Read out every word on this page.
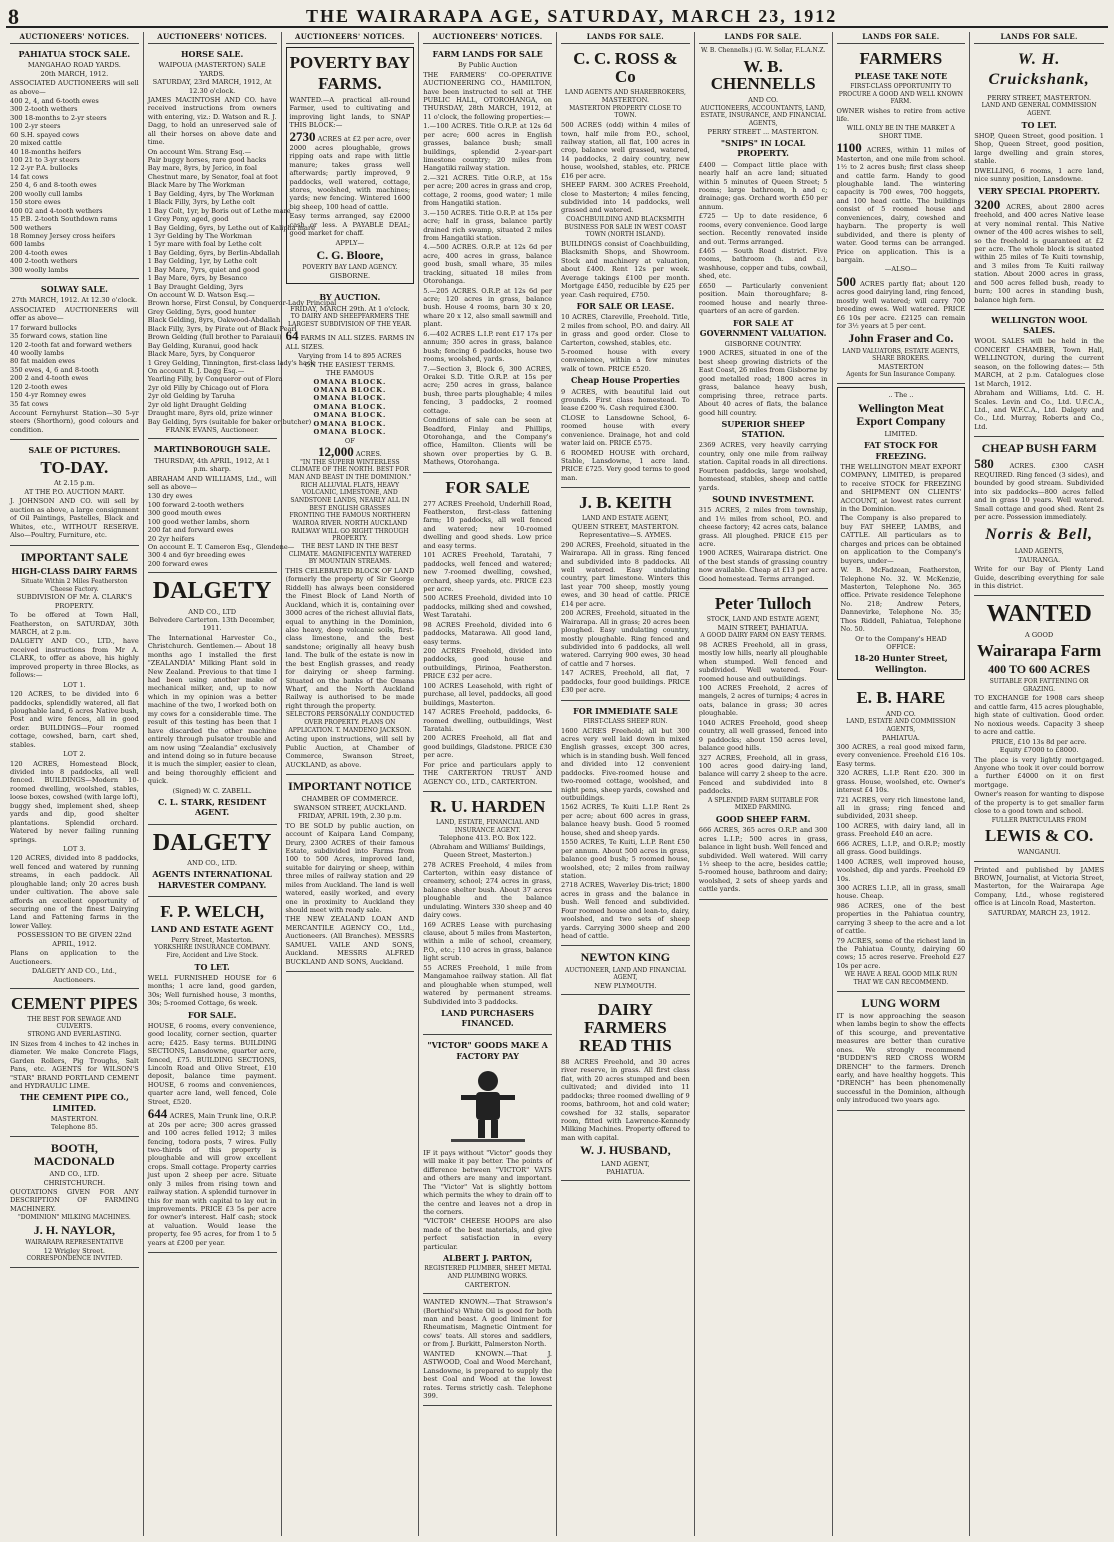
8	THE WAIRARAPA AGE, SATURDAY, MARCH 23, 1912
AUCTIONEERS' NOTICES.
PAHIATUA STOCK SALE.
MANGAHAO ROAD YARDS.
20th MARCH, 1912.

ASSOCIATED AUCTIONEERS will sell as above—

400 2, 4, and 6-tooth ewes
300 2-tooth wethers
300 18-months to 2-yr steers
100 2-yr steers
60 S.H. spayed cows
20 mixed cattle
40 18-months heifers
100 21 to 3-yr steers
12 2-yr P.A. bullocks
14 fat cows
250 4, 6 and 8-tooth ewes
200 woolly cull lambs
150 store ewes
400 02 and 4-tooth wethers
15 P.B. 2-tooth Southdown rams
500 wethers
18 Romney Jersey cross heifers
600 lambs
200 4-tooth ewes
400 2-tooth wethers
300 woolly lambs
SOLWAY SALE.
27th MARCH, 1912. At 12.30 o'clock.

ASSOCIATED AUCTIONEERS will offer as above—

17 forward bullocks
35 forward cows, station line
120 2-tooth fat and forward wethers
40 woolly lambs
80 fat maiden ewes
350 ewes, 4, 6 and 8-tooth
200 2 and 4-tooth ewes
120 2-tooth ewes
150 4-yr Romney ewes
35 fat cows

Account Fernyhurst Station—30 5-yr steers (Shorthorn), good colours and condition.

SALE OF PICTURES.
TO-DAY.
At 2.15 p.m.
AT THE P.O. AUCTION MART.

J. JOHNSON AND CO. will sell by auction as above, a large consignment of Oil Paintings, Pastelles, Black and Whites, etc., WITHOUT RESERVE. Also—Poultry, Furniture, etc.

IMPORTANT SALE
HIGH-CLASS DAIRY FARMS
Situate Within 2 Miles Featherston Cheese Factory.
SUBDIVISION OF Mr. A. CLARK'S PROPERTY.

To be offered at Town Hall, Featherston, on SATURDAY, 30th MARCH, at 2 p.m.

DALGETY AND CO., LTD., have received instructions from Mr A. CLARK, to offer as above, his highly improved property in three Blocks, as follows:—

LOT 1.

120 ACRES, to be divided into 6 paddocks, splendidly watered, all flat ploughable land, 6 acres Native bush, Post and wire fences, all in good order. BUILDINGS—Four roomed cottage, cowshed, barn, cart shed, stables.

LOT 2.

120 ACRES, Homestead Block, divided into 8 paddocks, all well fenced. BUILDINGS—Modern 10-roomed dwelling, woolshed, stables, loose boxes, cowshed (with large loft), buggy shed, implement shed, sheep yards and dip, good shelter plantations. Splendid orchard. Watered by never failing running springs.

LOT 3.

120 ACRES, divided into 8 paddocks, well fenced and watered by running streams, in each paddock. All ploughable land; only 20 acres bush under cultivation. The above sale affords an excellent opportunity of securing one of the finest Dairying Land and Fattening farms in the lower Valley.

POSSESSION TO BE GIVEN 22nd APRIL, 1912.

Plans on application to the Auctioneers.

DALGETY AND CO., Ltd., Auctioneers.
CEMENT PIPES
THE BEST FOR SEWAGE AND CULVERTS.
STRONG AND EVERLASTING.

IN Sizes from 4 inches to 42 inches in diameter. We make Concrete Flags, Garden Rollers, Pig Troughs, Salt Pans, etc. AGENTS for WILSON'S "STAR" BRAND PORTLAND CEMENT and HYDRAULIC LIME.

THE CEMENT PIPE CO., LIMITED.
MASTERTON.
Telephone 85.
BOOTH, MACDONALD
AND CO., LTD.
CHRISTCHURCH.

QUOTATIONS GIVEN FOR ANY DESCRIPTION OF FARMING MACHINERY.

"DOMINION" MILKING MACHINES.
J. H. NAYLOR,
WAIRARAPA REPRESENTATIVE
12 Wrigley Street.
CORRESPONDENCE INVITED.
AUCTIONEERS' NOTICES.
HORSE SALE.
WAIPOUA (MASTERTON) SALE YARDS.
SATURDAY, 23rd MARCH, 1912, At 12.30 o'clock.

JAMES MACINTOSH AND CO. have received instructions from owners with entering, viz.: D. Watson and R. J. Dagg, to hold an unreserved sale of all their horses on above date and time.

On account Wm. Strang Esq.—
Pair buggy horses, rare good hacks
Bay mare, 8yrs, by Jerico, in foal
Chestnut mare, by Senator, foal at foot
Black Mare by The Workman
1 Bay Gelding, 4yrs, by The Workman
1 Black Filly, 3yrs, by Lethe colt
1 Bay Colt, 1yr, by Boris out of Lethe mare
1 Grey Pony, aged, good
1 Bay Gelding, 6yrs, by Lethe out of Kalipha mare
1 3yr Gelding by The Workman
1 5yr mare with foal by Lethe colt
1 Bay Gelding, 6yrs, by Berlin-Abdallah
1 Bay Gelding, 1yr, by Lethe colt
1 Bay Mare, 7yrs, quiet and good
1 Bay Mare, 6yrs, by Besanco
1 Bay Draught Gelding, 3yrs
On account W. D. Watson Esq.—
Brown horse, First Consul, by Conqueror-Lady Principal
Grey Gelding, 5yrs, good hunter
Black Gelding, 8yrs, Oakwood-Abdallah
Black Filly, 3yrs, by Pirate out of Black Pearl
Brown Gelding (full brother to Paraiaui)
Bay Gelding, Kuranui, good hack
Black Mare, 5yrs, by Conqueror
1 Grey Gelding, Tinnington, first-class lady's hack
On account R. J. Dagg Esq.—
Yearling Filly, by Conqueror out of Flora
2yr old Filly by Chicago out of Flora
2yr old Gelding by Taruha
2yr old light Draught Gelding
Draught mare, 8yrs old, prize winner
Bay Gelding, 5yrs (suitable for baker or butcher)
FRANK EVANS, Auctioneer.
MARTINBOROUGH SALE.
THURSDAY, 4th APRIL, 1912, At 1 p.m. sharp.

ABRAHAM AND WILLIAMS, Ltd., will sell as above—

130 dry ewes
100 forward 2-tooth wethers
300 good mouth ewes
100 good wether lambs, shorn
200 fat and forward ewes
20 2yr heifers
On account E. T. Cameron Esq., Glendene—
300 4 and 6yr breeding ewes
200 forward ewes
DALGETY
AND CO., LTD
Belvedere Carterton. 13th December, 1911.

The International Harvester Co., Christchurch. Gentlemen.— About 18 months ago I installed the first "ZEALANDIA" Milking Plant sold in New Zealand. Previous to that time I had been using another make of mechanical milker, and, up to now which in my opinion was a better machine of the two, I worked both on my cows for a considerable time. The result of this testing has been that I have discarded the other machine entirely through pulsator trouble and am now using "Zealandia" exclusively and intend doing so in future because it is much the simpler, easier to clean, and being thoroughly efficient and quick.

(Signed) W. C. ZABELL.
C. L. STARK, RESIDENT AGENT.
DALGETY
AND CO., LTD.
AGENTS INTERNATIONAL HARVESTER COMPANY.
F. P. WELCH,
LAND AND ESTATE AGENT
Perry Street, Masterton.
YORKSHIRE INSURANCE COMPANY. Fire, Accident and Live Stock.
TO LET.

WELL FURNISHED HOUSE for 6 months; 1 acre land, good garden, 30s; Well furnished house, 3 months, 30s; 5-roomed Cottage, 6s week.

FOR SALE.

HOUSE, 6 rooms, every convenience, good locality, corner section, quarter acre; £425. Easy terms. BUILDING SECTIONS, Lansdowne, quarter acre, fenced, £75. BUILDING SECTIONS, Lincoln Road and Olive Street, £10 deposit, balance time payment. HOUSE, 6 rooms and conveniences, quarter acre land, well fenced, Cole Street, £520.

644 ACRES, Main Trunk line, O.R.P. at 20s per acre; 300 acres grassed and 100 acres felled 1912; 3 miles fencing, todora posts, 7 wires. Fully two-thirds of this property is ploughable and will grow excellent crops. Small cottage. Property carries just upon 2 sheep per acre. Situate only 3 miles from rising town and railway station. A splendid turnover in this for man with capital to lay out in improvements. PRICE £3 5s per acre for owner's interest. Half cash; stock at valuation. Would lease the property, fee 95 acres, for from 1 to 5 years at £200 per year.

AUCTIONEERS' NOTICES.
POVERTY BAY
FARMS.

WANTED.—A practical all-round Farmer, used to cultivating and improving light lands, to SNAP THIS BLOCK:—

2730 ACRES at £2 per acre, over 2000 acres ploughable, grows ripping oats and rape with little manure; takes grass well afterwards; partly improved, 9 paddocks, well watered, cottage, stores, woolshed, with machines; yards; new fencing. Wintered 1600 big sheep, 100 head of cattle.

Easy terms arranged, say £2000 cash or less. A PAYABLE DEAL; good market for chaff.

APPLY—
C. G. Bloore,
POVERTY BAY LAND AGENCY.
GISBORNE.
BY AUCTION.
FRIDAY, MARCH 29th. At 1 o'clock.
TO DAIRY AND SHEEPFARMERS THE LARGEST SUBDIVISION OF THE YEAR.

64 FARMS IN ALL SIZES. FARMS IN ALL SIZES.

Varying from 14 to 895 ACRES
ON THE EASIEST TERMS.
THE FAMOUS
OMANA BLOCK.
OMANA BLOCK.
OMANA BLOCK.
OMANA BLOCK.
OMANA BLOCK.
OMANA BLOCK.
OMANA BLOCK.
OF
12,000 ACRES.
"IN THE SUPERB WINTERLESS CLIMATE OF THE NORTH. BEST FOR MAN AND BEAST IN THE DOMINION."
RICH ALLUVIAL FLATS, HEAVY VOLCANIC, LIMESTONE, AND SANDSTONE LANDS, NEARLY ALL IN BEST ENGLISH GRASSES
FRONTING THE FAMOUS NORTHERN WAIROA RIVER. NORTH AUCKLAND RAILWAY WILL GO RIGHT THROUGH PROPERTY.
THE BEST LAND IN THE BEST CLIMATE. MAGNIFICENTLY WATERED BY MOUNTAIN STREAMS.

THIS CELEBRATED BLOCK OF LAND (formerly the property of Sir George Riddell) has always been considered the Finest Block of Land North of Auckland, which it is, containing over 3000 acres of the richest alluvial flats, equal to anything in the Dominion, also heavy, deep volcanic soils, first-class limestone, and the best sandstone; originally all heavy bush land. The bulk of the estate is now in the best English grasses, and ready for dairying or sheep farming. Situated on the banks of the Omana Wharf, and the North Auckland Railway is authorised to be made right through the property.

SELECTORS PERSONALLY CONDUCTED OVER PROPERTY. PLANS ON APPLICATION. T. MANDENO JACKSON.

Acting upon instructions, will sell by Public Auction, at Chamber of Commerce, Swanson Street, AUCKLAND, as above.

IMPORTANT NOTICE
CHAMBER OF COMMERCE.
SWANSON STREET, AUCKLAND.
FRIDAY, APRIL 19th, 2.30 p.m.

TO BE SOLD by public auction, on account of Kaipara Land Company, Drury, 2300 ACRES of their famous Estate, subdivided into Farms from 100 to 500 Acres, improved land, suitable for dairying or sheep, within three miles of railway station and 29 miles from Auckland. The land is well watered, easily worked, and every one in proximity to Auckland they should meet with ready sale.

THE NEW ZEALAND LOAN AND MERCANTILE AGENCY CO., Ltd., Auctioneers. (All Branches). MESSRS SAMUEL VAILE AND SONS, Auckland. MESSRS ALFRED BUCKLAND AND SONS, Auckland.

AUCTIONEERS' NOTICES.
FARM LANDS FOR SALE
By Public Auction

THE FARMERS' CO-OPERATIVE AUCTIONEERING CO., HAMILTON, have been instructed to sell at THE PUBLIC HALL, OTOROHANGA, on THURSDAY, 28th MARCH, 1912, at 11 o'clock, the following properties:—

1.—100 ACRES. Title O.R.P. at 12s 6d per acre; 600 acres in English grasses, balance bush; small buildings, splendid 2-year-part limestone country; 20 miles from Hangatiki railway station.

2.—321 ACRES. Title O.R.P., at 15s per acre; 200 acres in grass and crop, cottage, 2 rooms, good water; 1 mile from Hangatiki station.

3.—150 ACRES. Title O.R.P. at 15s per acre; half in grass, balance partly drained rich swamp, situated 2 miles from Hangatiki station.

4.—500 ACRES. O.R.P. at 12s 6d per acre, 400 acres in grass, balance good bush, small whare, 35 miles tracking, situated 18 miles from Otorohanga.

5.—205 ACRES. O.R.P. at 12s 6d per acre; 120 acres in grass, balance bush. House 4 rooms, barn 30 x 20, whare 20 x 12, also small sawmill and plant.

6.—402 ACRES L.I.P. rent £17 17s per annum; 350 acres in grass, balance bush; fencing 6 paddocks, house two rooms, woolshed, yards.

7.—Section 3, Block 6, 300 ACRES, Orakei S.D. Title O.R.P. at 15s per acre; 250 acres in grass, balance bush, three parts ploughable; 4 miles fencing, 3 paddocks, 2 roomed cottage.

Conditions of sale can be seen at Beadford, Finlay and Phillips, Otorohanga, and the Company's office, Hamilton. Clients will be shown over properties by G. B. Mathews, Otorohanga.

FOR SALE

277 ACRES Freehold, Underhill Road, Featherston, first-class fattening farm; 10 paddocks, all well fenced and watered; new 10-roomed dwelling and good sheds. Low price and easy terms.

101 ACRES Freehold, Taratahi, 7 paddocks, well fenced and watered; new 7-roomed dwelling, cowshed, orchard, sheep yards, etc. PRICE £23 per acre.

500 ACRES Freehold, divided into 10 paddocks, milking shed and cowshed, West Taratahi.

98 ACRES Freehold, divided into 6 paddocks, Matarawa. All good land, easy terms.

200 ACRES Freehold, divided into paddocks, good house and outbuildings, Pirinoa, Featherston. PRICE £32 per acre.

100 ACRES Leasehold, with right of purchase, all level, paddocks, all good buildings, Masterton.

147 ACRES Freehold, paddocks, 6-roomed dwelling, outbuildings, West Taratahi.

200 ACRES Freehold, all flat and good buildings, Gladstone. PRICE £30 per acre.

For price and particulars apply to THE CARTERTON TRUST AND AGENCY CO., LTD., CARTERTON.

R. U. HARDEN
LAND, ESTATE, FINANCIAL AND INSURANCE AGENT.
Telephone 413. P.O. Box 122.
(Abraham and Williams' Buildings, Queen Street, Masterton.)

278 ACRES Freehold, 4 miles from Carterton, within easy distance of creamery, school; 274 acres in grass, balance shelter bush. About 37 acres ploughable and the balance undulating. Winters 330 sheep and 40 dairy cows.

169 ACRES Lease with purchasing clause, about 5 miles from Masterton, within a mile of school, creamery, P.O., etc.; 110 acres in grass, balance light scrub.

55 ACRES Freehold, 1 mile from Mangamahoe railway station. All flat and ploughable when stumped, well watered by permanent streams. Subdivided into 3 paddocks.

LAND PURCHASERS FINANCED.
"VICTOR" GOODS MAKE A FACTORY PAY

IF it pays without "Victor" goods they will make it pay better. The points of difference between "VICTOR" VATS and others are many and important. The "Victor" Vat is slightly bottom which permits the whey to drain off to the centre and leaves not a drop in the corners.

"VICTOR" CHEESE HOOPS are also made of the best materials, and give perfect satisfaction in every particular.

ALBERT J. PARTON,
REGISTERED PLUMBER, SHEET METAL AND PLUMBING WORKS.
CARTERTON.

WANTED KNOWN.—That Strawson's (Borthiol's) White Oil is good for both man and beast. A good liniment for Rheumatism, Magnetic Ointment for cows' teats. All stores and saddlers, or from J. Burkitt, Palmerston North.

WANTED KNOWN.—That J. ASTWOOD, Coal and Wood Merchant, Lansdowne, is prepared to supply the best Coal and Wood at the lowest rates. Terms strictly cash. Telephone 399.

LANDS FOR SALE.
C. C. ROSS & Co
LAND AGENTS AND SHAREBROKERS,
MASTERTON.
MASTERTON PROPERTY CLOSE TO TOWN.

500 ACRES (odd) within 4 miles of town, half mile from P.O., school, railway station, all flat, 100 acres in crop, balance well grassed, watered, 14 paddocks, 2 dairy country, new house, woolshed, stables, etc. PRICE £16 per acre.

SHEEP FARM. 300 ACRES Freehold, close to Masterton; 4 miles fencing, subdivided into 14 paddocks, well grassed and watered.

COACHBUILDING AND BLACKSMITH BUSINESS FOR SALE IN WEST COAST TOWN (NORTH ISLAND).

BUILDINGS consist of Coachbuilding, Blacksmith Shops, and Showroom. Stock and machinery at valuation, about £400. Rent 12s per week. Average takings £100 per month. Mortgage £450, reducible by £25 per year. Cash required, £750.

FOR SALE OR LEASE.

10 ACRES, Clareville, Freehold. Title, 2 miles from school, P.O. and dairy. All in grass and good order. Close to Carterton, cowshed, stables, etc.

5-roomed house with every convenience, within a few minutes walk of town. PRICE £520.

Cheap House Properties

9 ACRES, with beautiful laid out grounds. First class homestead. To lease £200 %. Cash required £300.

CLOSE to Lansdowne School, 6-roomed house with every convenience. Drainage, hot and cold water laid on. PRICE £575.

6 ROOMED HOUSE with orchard, Stable, Lansdowne, 1 acre land. PRICE £725. Very good terms to good man.

J. B. KEITH
LAND AND ESTATE AGENT,
QUEEN STREET, MASTERTON.
Representative—S. AYMES.

290 ACRES, Freehold, situated in the Wairarapa. All in grass. Ring fenced and subdivided into 8 paddocks. All well watered. Easy undulating country, part limestone. Winters this last year 700 sheep, mostly young ewes, and 30 head of cattle. PRICE £14 per acre.

200 ACRES, Freehold, situated in the Wairarapa. All in grass; 20 acres been ploughed. Easy undulating country, mostly ploughable. Ring fenced and subdivided into 6 paddocks, all well watered. Carrying 900 ewes, 30 head of cattle and 7 horses.

147 ACRES, Freehold, all flat, 7 paddocks, four good buildings. PRICE £30 per acre.

FOR IMMEDIATE SALE
FIRST-CLASS SHEEP RUN.

1600 ACRES Freehold; all but 300 acres very well laid down in mixed English grasses, except 300 acres, which is in standing bush. Well fenced and divided into 12 convenient paddocks. Five-roomed house and two-roomed cottage, woolshed, and night pens, sheep yards, cowshed and outbuildings.

1562 ACRES, Te Kuiti L.I.P. Rent 2s per acre; about 600 acres in grass, balance heavy bush. Good 5 roomed house, shed and sheep yards.

1550 ACRES, Te Kuiti, L.I.P. Rent £50 per annum. About 500 acres in grass, balance good bush; 5 roomed house, woolshed, etc; 2 miles from railway station.

2718 ACRES, Waverley Dis-trict; 1800 acres in grass and the balance in bush. Well fenced and subdivided. Four roomed house and lean-to, dairy, woolshed, and two sets of sheep yards. Carrying 3000 sheep and 200 head of cattle.

NEWTON KING
AUCTIONEER, LAND AND FINANCIAL AGENT,
NEW PLYMOUTH.
DAIRY FARMERS READ THIS

88 ACRES Freehold, and 30 acres river reserve, in grass. All first class flat, with 20 acres stumped and been cultivated; and divided into 11 paddocks; three roomed dwelling of 9 rooms, bathroom, hot and cold water; cowshed for 32 stalls, separator room, fitted with Lawrence-Kennedy Milking Machines. Property offered to man with capital.

W. J. HUSBAND,
LAND AGENT,
PAHIATUA.
LANDS FOR SALE.
W. B. Chennells.) (G. W. Sollar, F.L.A.N.Z.
W. B. CHENNELLS
AND CO.
AUCTIONEERS, ACCOUNTANTS, LAND, ESTATE, INSURANCE, AND FINANCIAL AGENTS,
PERRY STREET ... MASTERTON.
"SNIPS" IN LOCAL PROPERTY.

£400 — Compact little place with nearly half an acre land; situated within 5 minutes of Queen Street; 5 rooms; large bathroom, h and c; drainage; gas. Orchard worth £50 per annum.

£725 — Up to date residence, 6 rooms, every convenience. Good large section. Recently renovated inside and out. Terms arranged.

£465 — South Road district. Five rooms, bathroom (h. and c.), washhouse, copper and tubs, cowbail, shed, etc.

£650 — Particularly convenient position. Main thoroughfare; 8-roomed house and nearly three-quarters of an acre of garden.

FOR SALE AT GOVERNMENT VALUATION.
GISBORNE COUNTRY.

1900 ACRES, situated in one of the best sheep growing districts of the East Coast, 26 miles from Gisborne by good metalled road; 1800 acres in grass, balance heavy bush, comprising three, retrace parts. About 40 acres of flats, the balance good hill country.

SUPERIOR SHEEP STATION.

2369 ACRES, very heavily carrying country, only one mile from railway station. Capital roads in all directions. Fourteen paddocks, large woolshed, homestead, stables, sheep and cattle yards.

SOUND INVESTMENT.

315 ACRES, 2 miles from township, and 1½ miles from school, P.O. and cheese factory; 42 acres cats, balance grass. All ploughed. PRICE £15 per acre.

1900 ACRES, Wairarapa district. One of the best stands of grassing country now available. Cheap at £13 per acre. Good homestead. Terms arranged.

Peter Tulloch
STOCK, LAND AND ESTATE AGENT,
MAIN STREET, PAHIATUA.
A GOOD DAIRY FARM ON EASY TERMS.

98 ACRES Freehold, all in grass, mostly low hills, nearly all ploughable when stumped. Well fenced and subdivided. Well watered. Four-roomed house and outbuildings.

100 ACRES Freehold, 2 acres of mangels, 2 acres of turnips; 4 acres in oats, balance in grass; 30 acres ploughable.

1040 ACRES Freehold, good sheep country, all well grassed, fenced into 9 paddocks; about 150 acres level, balance good hills.

327 ACRES, Freehold, all in grass, 100 acres good dairy-ing land, balance will carry 2 sheep to the acre. Fenced and subdivided into 8 paddocks.

A SPLENDID FARM SUITABLE FOR MIXED FARMING.
GOOD SHEEP FARM.

666 ACRES, 365 acres O.R.P. and 300 acres L.I.P.; 500 acres in grass, balance in light bush. Well fenced and subdivided. Well watered. Will carry 1½ sheep to the acre, besides cattle; 5-roomed house, bathroom and dairy; woolshed, 2 sets of sheep yards and cattle yards.

LANDS FOR SALE.
FARMERS
PLEASE TAKE NOTE
FIRST-CLASS OPPORTUNITY TO PROCURE A GOOD AND WELL KNOWN FARM.

OWNER wishes to retire from active life.

WILL ONLY BE IN THE MARKET A SHORT TIME.

1100 ACRES, within 11 miles of Masterton, and one mile from school. 1½ to 2 acres bush; first class sheep and cattle farm. Handy to good ploughable land. The wintering capacity is 700 ewes, 700 hoggets, and 100 head cattle. The buildings consist of 5 roomed house and conveniences, dairy, cowshed and haybarn. The property is well subdivided, and there is plenty of water. Good terms can be arranged. Price on application. This is a bargain.

—ALSO—

500 ACRES partly flat; about 120 acres good dairying land, ring fenced, mostly well watered; will carry 700 breeding ewes. Well watered. PRICE £6 10s per acre. £2125 can remain for 3½ years at 5 per cent.

John Fraser and Co.
LAND VALUATORS, ESTATE AGENTS, SHARE BROKERS.
MASTERTON
Agents for Sun Insurance Company.
.. The ..
Wellington Meat Export Company
LIMITED.
FAT STOCK FOR FREEZING.

THE WELLINGTON MEAT EXPORT COMPANY, LIMITED, is prepared to receive STOCK for FREEZING and SHIPMENT ON CLIENTS' ACCOUNT, at lowest rates current in the Dominion.

The Company is also prepared to buy FAT SHEEP, LAMBS, and CATTLE. All particulars as to charges and prices can be obtained on application to the Company's buyers, under—

W. B. McFadzean, Featherston, Telephone No. 32. W. McKenzie, Masterton, Telephone No. 365 office. Private residence Telephone No. 218; Andrew Peters, Dannevirke, Telephone No. 35; Thos Riddell, Pahiatua, Telephone No. 50.

Or to the Company's HEAD OFFICE:
18-20 Hunter Street, Wellington.
E. B. HARE
AND CO.
LAND, ESTATE AND COMMISSION AGENTS,
PAHIATUA.

300 ACRES, a real good mixed farm, every convenience. Freehold £16 10s. Easy terms.

320 ACRES, L.I.P. Rent £20. 300 in grass. House, woolshed, etc. Owner's interest £4 10s.

721 ACRES, very rich limestone land, all in grass; ring fenced and subdivided, 2031 sheep.

100 ACRES, with dairy land, all in grass. Freehold £40 an acre.

666 ACRES, L.I.P., and O.R.P.; mostly all grass. Good buildings.

1400 ACRES, well improved house, woolshed, dip and yards. Freehold £9 10s.

300 ACRES L.I.P., all in grass, small house. Cheap.

986 ACRES, one of the best properties in the Pahiatua country, carrying 3 sheep to the acre and a lot of cattle.

79 ACRES, some of the richest land in the Pahiatua County, dairying 60 cows; 15 acres reserve. Freehold £27 10s per acre.

WE HAVE A REAL GOOD MILK RUN THAT WE CAN RECOMMEND.
LUNG WORM

IT is now approaching the season when lambs begin to show the effects of this scourge, and preventative measures are better than curative ones. We strongly recommend "BUDDEN'S RED CROSS WORM DRENCH" to the farmers. Drench early, and have healthy hoggets. This "DRENCH" has been phenomenally successful in the Dominion, although only introduced two years ago.

LANDS FOR SALE.
W. H. Cruickshank,
PERRY STREET, MASTERTON.
LAND AND GENERAL COMMISSION AGENT.
TO LET.

SHOP, Queen Street, good position. 1 Shop, Queen Street, good position, large dwelling and grain stores, stable.

DWELLING, 6 rooms, 1 acre land, nice sunny position, Lansdowne.

VERY SPECIAL PROPERTY.

3200 ACRES, about 2800 acres freehold, and 400 acres Native lease at very nominal rental. This Native owner of the 400 acres wishes to sell, so the freehold is guaranteed at £2 per acre. The whole block is situated within 25 miles of Te Kuiti township, and 3 miles from Te Kuiti railway station. About 2000 acres in grass, and 500 acres felled bush, ready to burn; 100 acres in standing bush, balance high fern.

WELLINGTON WOOL SALES.

WOOL SALES will be held in the CONCERT CHAMBER, Town Hall, WELLINGTON, during the current season, on the following dates:— 5th MARCH, at 2 p.m. Catalogues close 1st March, 1912.

Abraham and Williams, Ltd. C. H. Scales. Levin and Co., Ltd. U.F.C.A., Ltd., and W.F.C.A., Ltd. Dalgety and Co., Ltd. Murray, Roberts and Co., Ltd.

CHEAP BUSH FARM

580 ACRES. £300 CASH REQUIRED. Ring fenced (3 sides), and bounded by good stream. Subdivided into six paddocks—800 acres felled and in grass 10 years. Well watered. Small cottage and good shed. Rent 2s per acre. Possession immediately.

Norris & Bell,
LAND AGENTS,
TAURANGA.

Write for our Bay of Plenty Land Guide, describing everything for sale in this district.

WANTED
A GOOD
Wairarapa Farm
400 TO 600 ACRES
SUITABLE FOR FATTENING OR GRAZING.

TO EXCHANGE for 1908 cars sheep and cattle farm, 415 acres ploughable, high state of cultivation. Good order. No noxious weeds. Capacity 3 sheep to acre and cattle.

PRICE, £10 13s 8d per acre.
Equity £7000 to £8000.

The place is very lightly mortgaged. Anyone who took it over could borrow a further £4000 on it on first mortgage.

Owner's reason for wanting to dispose of the property is to get smaller farm close to a good town and school.

FULLER PARTICULARS FROM
LEWIS & CO.
WANGANUI.

Printed and published by JAMES BROWN, Journalist, at Victoria Street, Masterton, for the Wairarapa Age Company, Ltd., whose registered office is at Lincoln Road, Masterton.

SATURDAY, MARCH 23, 1912.
